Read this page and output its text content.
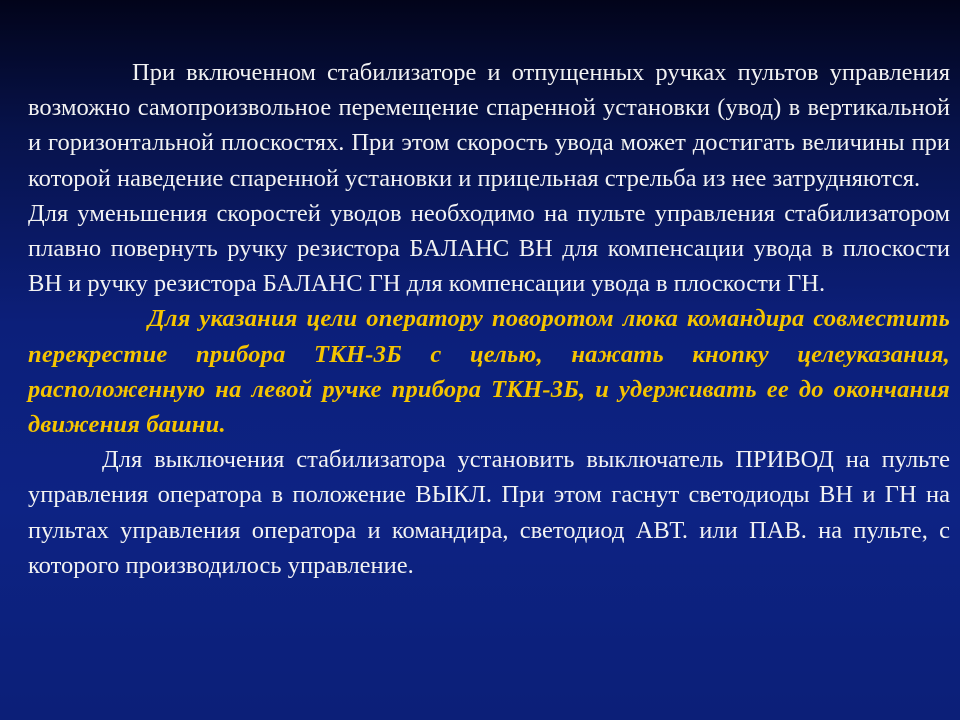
При включенном стабилизаторе и отпущенных ручках пультов управления возможно самопроизвольное перемещение спаренной установки (увод) в вертикальной и горизонтальной плоскостях. При этом скорость увода может достигать величины при которой наведение спаренной установки и прицельная стрельба из нее затрудняются.

Для уменьшения скоростей уводов необходимо на пульте управления стабилизатором плавно повернуть ручку резистора БАЛАНС ВН для компенсации увода в плоскости ВН и ручку резистора БАЛАНС ГН для компенсации увода в плоскости ГН.

Для указания цели оператору поворотом люка командира совместить перекрестие прибора ТКН-3Б с целью, нажать кнопку целеуказания, расположенную на левой ручке прибора ТКН-3Б, и удерживать ее до окончания движения башни.

Для выключения стабилизатора установить выключатель ПРИВОД на пульте управления оператора в положение ВЫКЛ. При этом гаснут светодиоды ВН и ГН на пультах управления оператора и командира, светодиод АВТ. или ПАВ. на пульте, с которого производилось управление.
